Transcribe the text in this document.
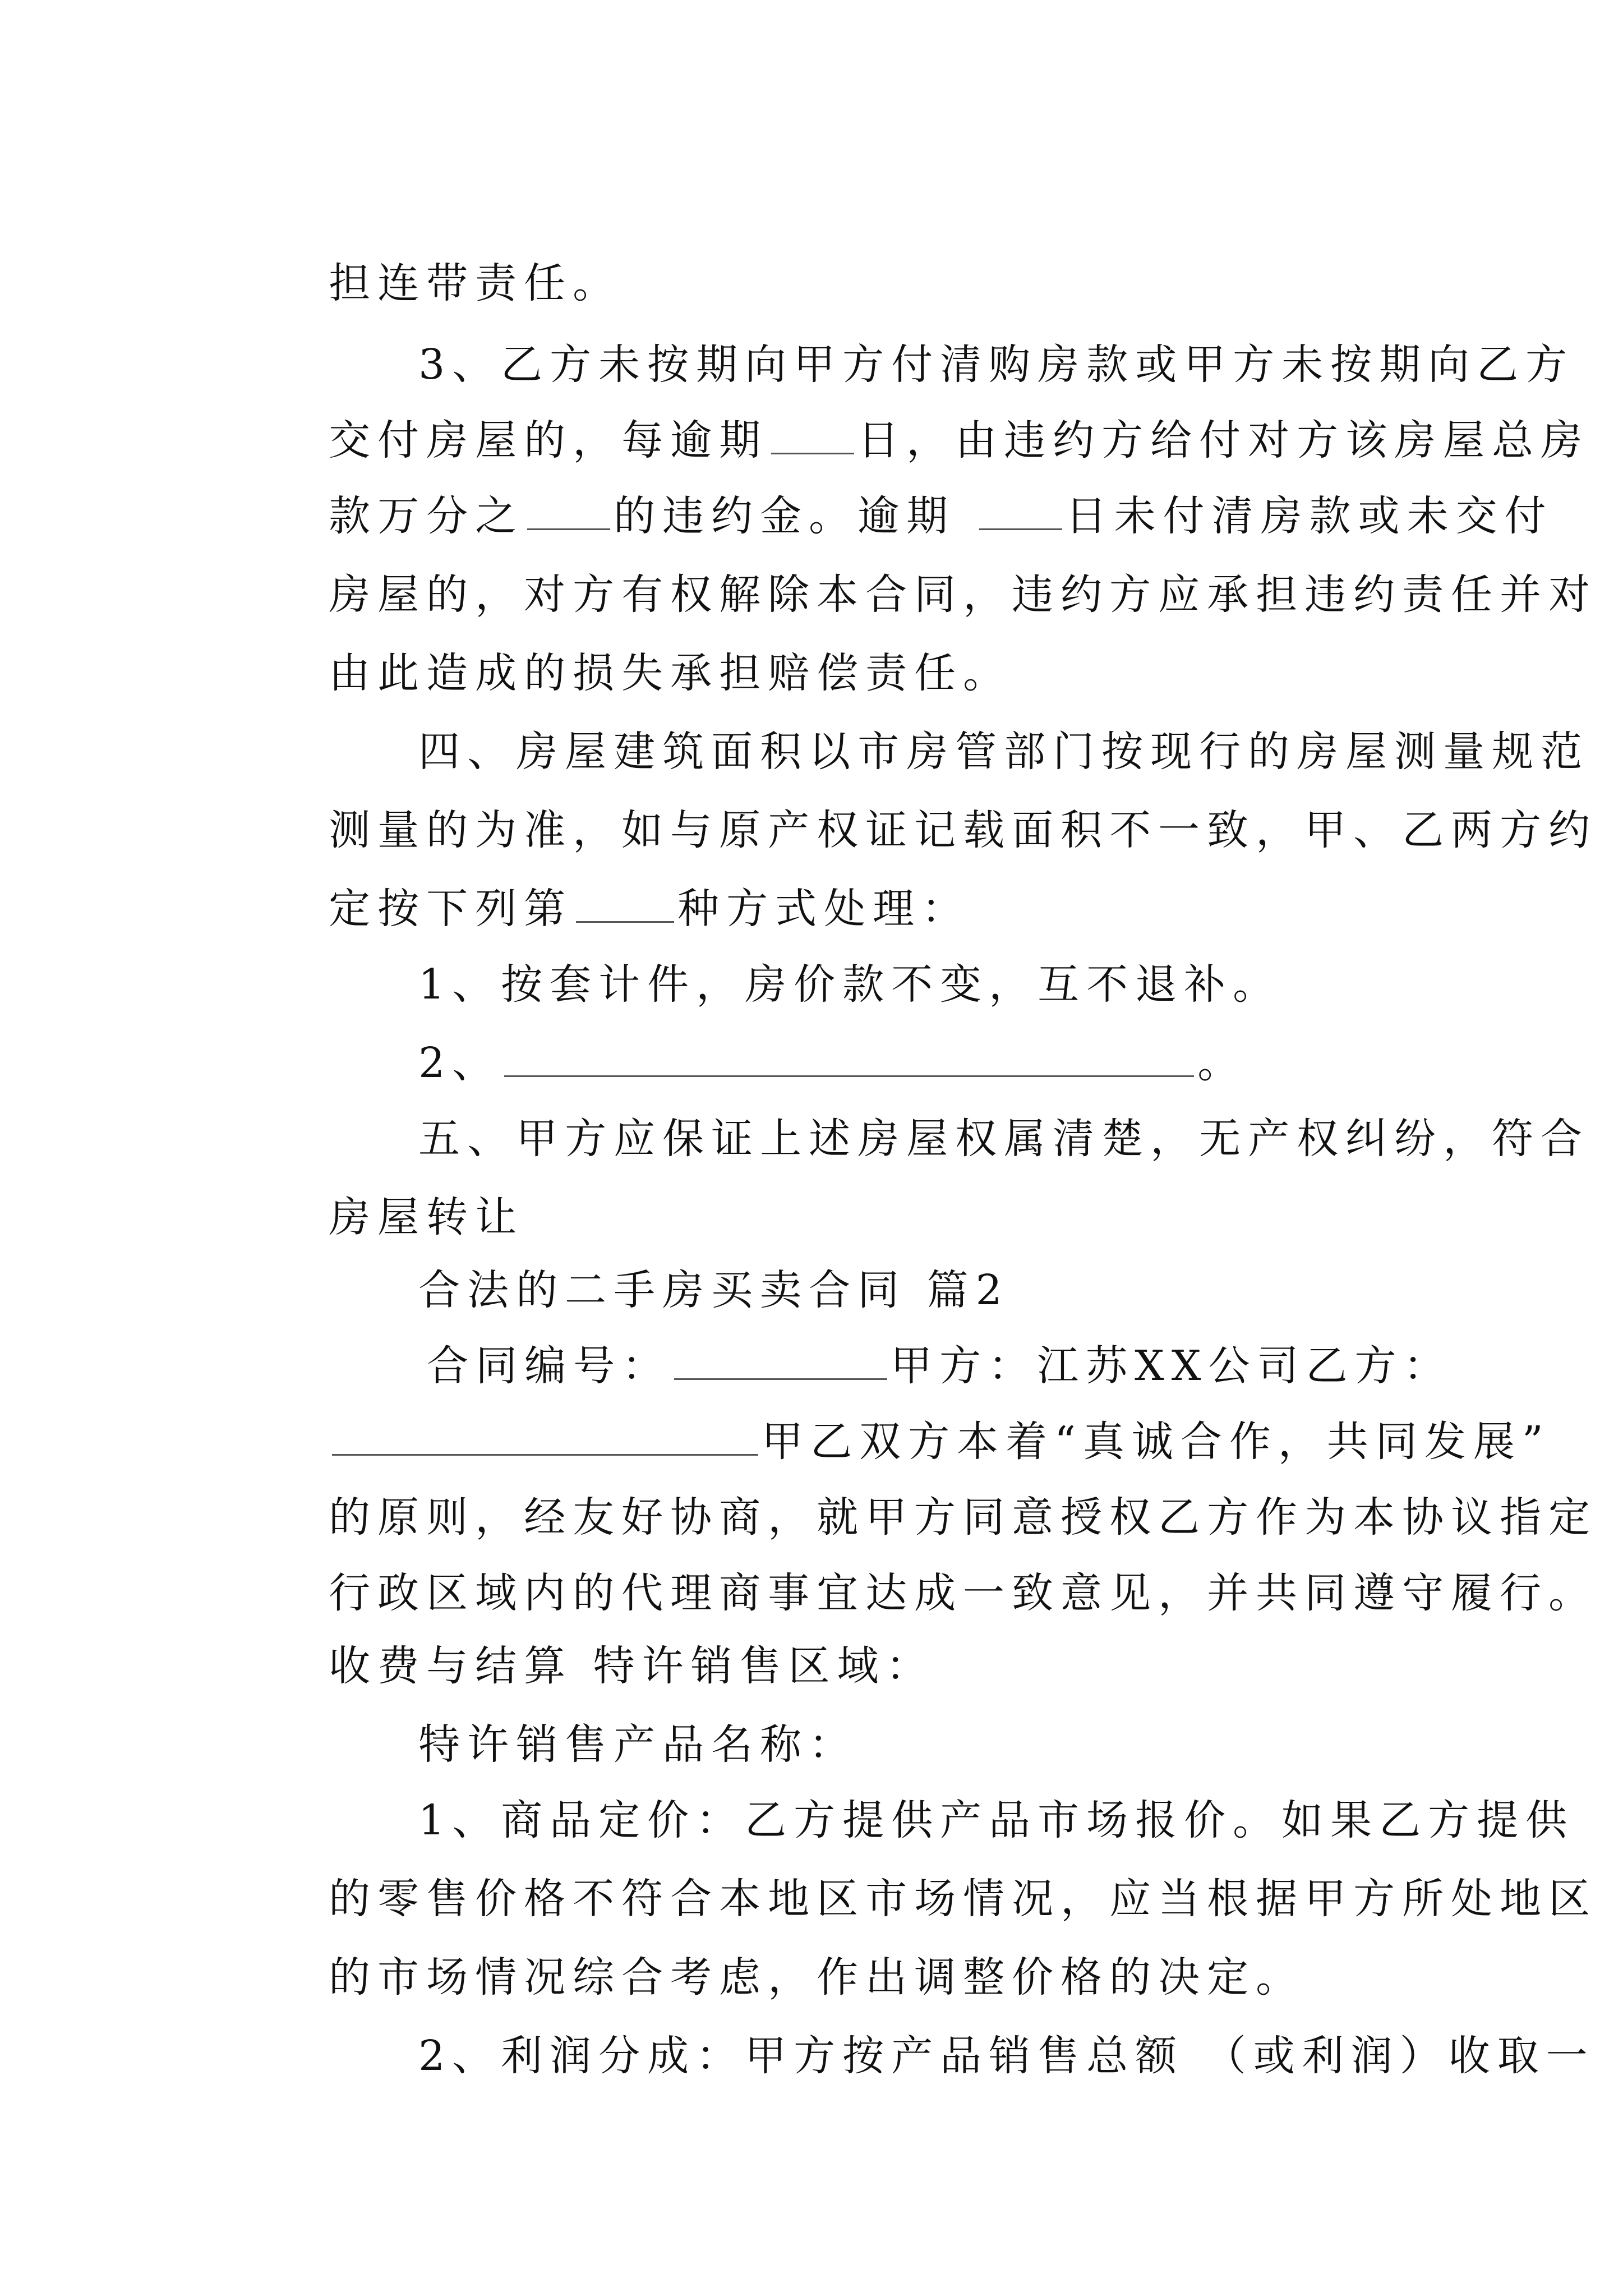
担连带责任。

3、乙方未按期向甲方付清购房款或甲方未按期向乙方

交付房屋的，每逾期 日，由违约方给付对方该房屋总房

款万分之 的违约金。逾期 日未付清房款或未交付

房屋的，对方有权解除本合同，违约方应承担违约责任并对

由此造成的损失承担赔偿责任。

四、房屋建筑面积以市房管部门按现行的房屋测量规范

测量的为准，如与原产权证记载面积不一致，甲、乙两方约

定按下列第	种方式处理：

1、按套计件，房价款不变，互不退补。

2、	。

五、甲方应保证上述房屋权属清楚，无产权纠纷，符合

房屋转让

合法的二手房买卖合同 篇2

合同编号：	甲方：江苏XX公司乙方：

甲乙双方本着“真诚合作，共同发展”

的原则，经友好协商，就甲方同意授权乙方作为本协议指定

行政区域内的代理商事宜达成一致意见，并共同遵守履行。

收费与结算 特许销售区域：

特许销售产品名称：

1、商品定价：乙方提供产品市场报价。如果乙方提供

的零售价格不符合本地区市场情况，应当根据甲方所处地区

的市场情况综合考虑，作出调整价格的决定。

2、利润分成：甲方按产品销售总额 （或利润）收取一
